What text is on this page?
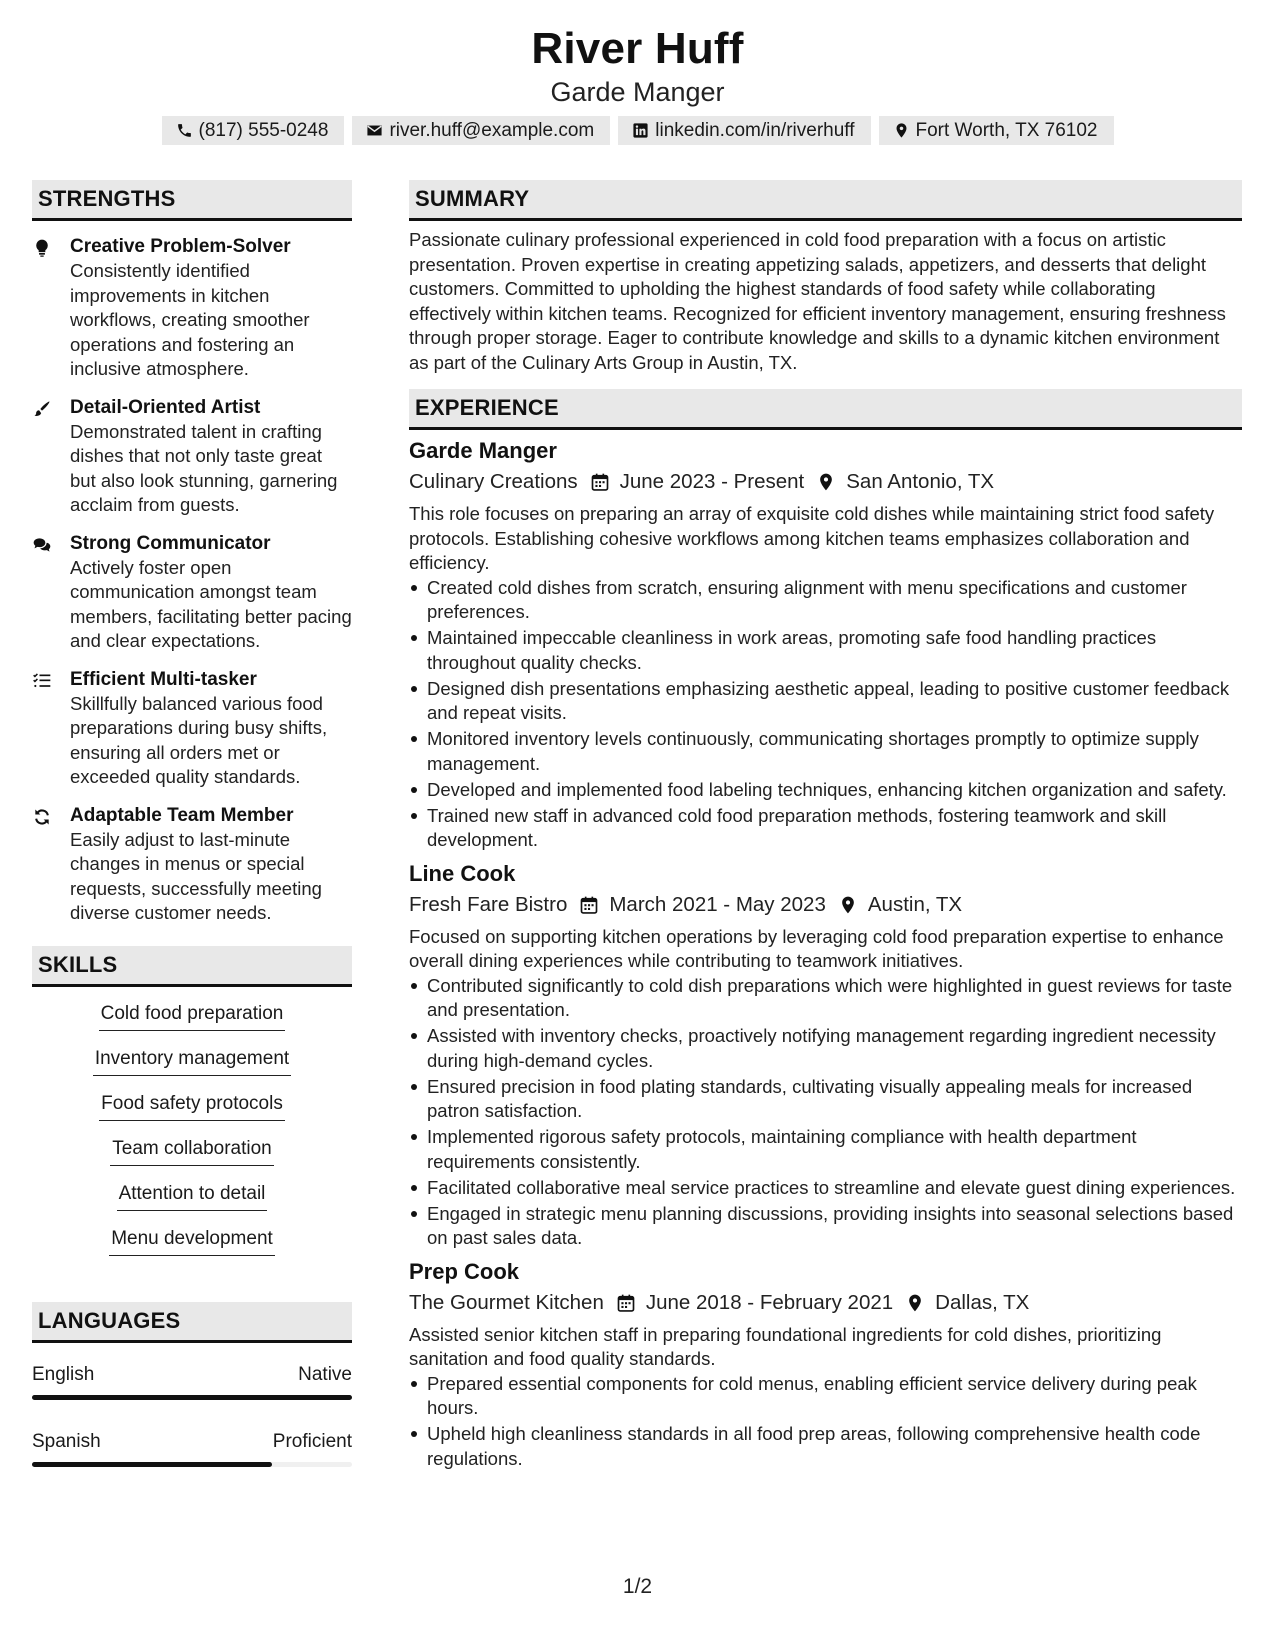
River Huff
Garde Manger
(817) 555-0248	river.huff@example.com	linkedin.com/in/riverhuff	Fort Worth, TX 76102
STRENGTHS
Creative Problem-Solver
Consistently identified improvements in kitchen workflows, creating smoother operations and fostering an inclusive atmosphere.
Detail-Oriented Artist
Demonstrated talent in crafting dishes that not only taste great but also look stunning, garnering acclaim from guests.
Strong Communicator
Actively foster open communication amongst team members, facilitating better pacing and clear expectations.
Efficient Multi-tasker
Skillfully balanced various food preparations during busy shifts, ensuring all orders met or exceeded quality standards.
Adaptable Team Member
Easily adjust to last-minute changes in menus or special requests, successfully meeting diverse customer needs.
SKILLS
Cold food preparation
Inventory management
Food safety protocols
Team collaboration
Attention to detail
Menu development
LANGUAGES
English	Native
Spanish	Proficient
SUMMARY
Passionate culinary professional experienced in cold food preparation with a focus on artistic presentation. Proven expertise in creating appetizing salads, appetizers, and desserts that delight customers. Committed to upholding the highest standards of food safety while collaborating effectively within kitchen teams. Recognized for efficient inventory management, ensuring freshness through proper storage. Eager to contribute knowledge and skills to a dynamic kitchen environment as part of the Culinary Arts Group in Austin, TX.
EXPERIENCE
Garde Manger
Culinary Creations June 2023 - Present San Antonio, TX
This role focuses on preparing an array of exquisite cold dishes while maintaining strict food safety protocols. Establishing cohesive workflows among kitchen teams emphasizes collaboration and efficiency.
Created cold dishes from scratch, ensuring alignment with menu specifications and customer preferences.
Maintained impeccable cleanliness in work areas, promoting safe food handling practices throughout quality checks.
Designed dish presentations emphasizing aesthetic appeal, leading to positive customer feedback and repeat visits.
Monitored inventory levels continuously, communicating shortages promptly to optimize supply management.
Developed and implemented food labeling techniques, enhancing kitchen organization and safety.
Trained new staff in advanced cold food preparation methods, fostering teamwork and skill development.
Line Cook
Fresh Fare Bistro March 2021 - May 2023 Austin, TX
Focused on supporting kitchen operations by leveraging cold food preparation expertise to enhance overall dining experiences while contributing to teamwork initiatives.
Contributed significantly to cold dish preparations which were highlighted in guest reviews for taste and presentation.
Assisted with inventory checks, proactively notifying management regarding ingredient necessity during high-demand cycles.
Ensured precision in food plating standards, cultivating visually appealing meals for increased patron satisfaction.
Implemented rigorous safety protocols, maintaining compliance with health department requirements consistently.
Facilitated collaborative meal service practices to streamline and elevate guest dining experiences.
Engaged in strategic menu planning discussions, providing insights into seasonal selections based on past sales data.
Prep Cook
The Gourmet Kitchen June 2018 - February 2021 Dallas, TX
Assisted senior kitchen staff in preparing foundational ingredients for cold dishes, prioritizing sanitation and food quality standards.
Prepared essential components for cold menus, enabling efficient service delivery during peak hours.
Upheld high cleanliness standards in all food prep areas, following comprehensive health code regulations.
1/2
